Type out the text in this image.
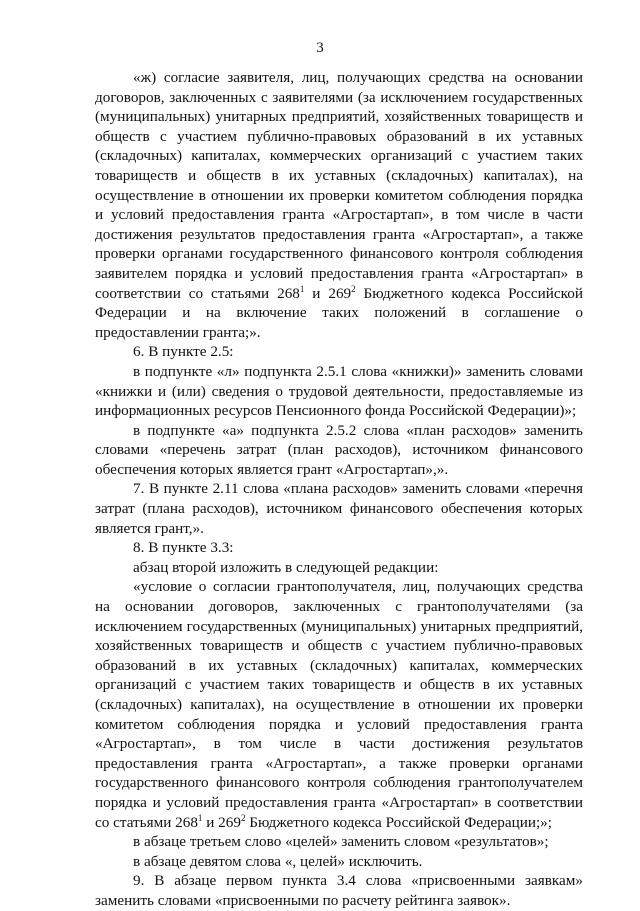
3

«ж) согласие заявителя, лиц, получающих средства на основании договоров, заключенных с заявителями (за исключением государственных (муниципальных) унитарных предприятий, хозяйственных товариществ и обществ с участием публично-правовых образований в их уставных (складочных) капиталах, коммерческих организаций с участием таких товариществ и обществ в их уставных (складочных) капиталах), на осуществление в отношении их проверки комитетом соблюдения порядка и условий предоставления гранта «Агростартап», в том числе в части достижения результатов предоставления гранта «Агростартап», а также проверки органами государственного финансового контроля соблюдения заявителем порядка и условий предоставления гранта «Агростартап» в соответствии со статьями $268^1$ и $269^2$ Бюджетного кодекса Российской Федерации и на включение таких положений в соглашение о предоставлении гранта;».

6. В пункте 2.5:

в подпункте «л» подпункта 2.5.1 слова «книжки)» заменить словами «книжки и (или) сведения о трудовой деятельности, предоставляемые из информационных ресурсов Пенсионного фонда Российской Федерации)»;

в подпункте «а» подпункта 2.5.2 слова «план расходов» заменить словами «перечень затрат (план расходов), источником финансового обеспечения которых является грант «Агростартап»,».

7. В пункте 2.11 слова «плана расходов» заменить словами «перечня затрат (плана расходов), источником финансового обеспечения которых является грант,».

8. В пункте 3.3:

абзац второй изложить в следующей редакции:

«условие о согласии грантополучателя, лиц, получающих средства на основании договоров, заключенных с грантополучателями (за исключением государственных (муниципальных) унитарных предприятий, хозяйственных товариществ и обществ с участием публично-правовых образований в их уставных (складочных) капиталах, коммерческих организаций с участием таких товариществ и обществ в их уставных (складочных) капиталах), на осуществление в отношении их проверки комитетом соблюдения порядка и условий предоставления гранта «Агростартап», в том числе в части достижения результатов предоставления гранта «Агростартап», а также проверки органами государственного финансового контроля соблюдения грантополучателем порядка и условий предоставления гранта «Агростартап» в соответствии со статьями $268^1$ и $269^2$ Бюджетного кодекса Российской Федерации;»;

в абзаце третьем слово «целей» заменить словом «результатов»;

в абзаце девятом слова «, целей» исключить.

9. В абзаце первом пункта 3.4 слова «присвоенными заявкам» заменить словами «присвоенными по расчету рейтинга заявок».
